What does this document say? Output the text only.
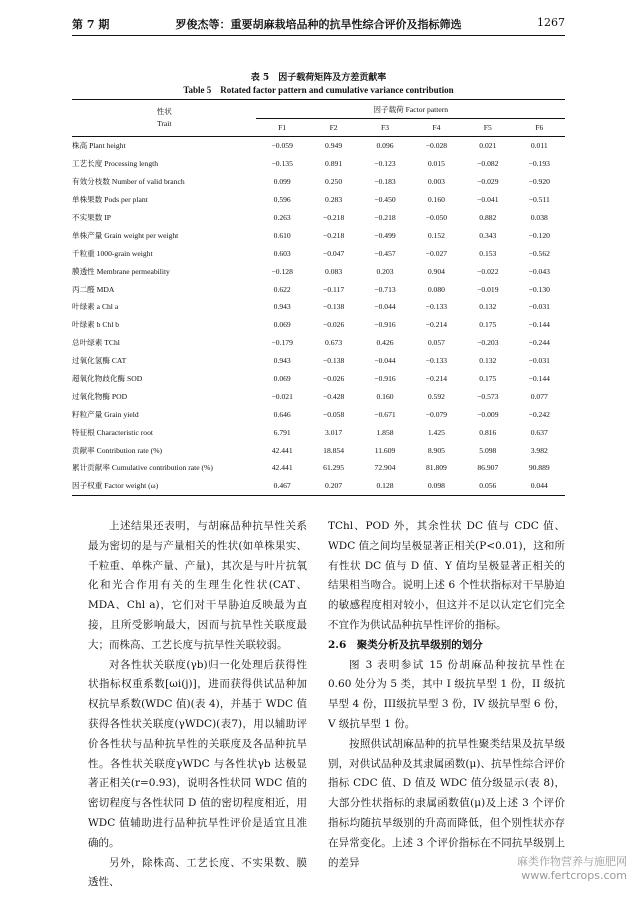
第 7 期	罗俊杰等：重要胡麻栽培品种的抗旱性综合评价及指标筛选	1267
表 5　因子载荷矩阵及方差贡献率
Table 5　Rotated factor pattern and cumulative variance contribution
性状
Trait	因子载荷 Factor pattern					
	F1	F2	F3	F4	F5	F6
株高 Plant height	−0.059	0.949	0.096	−0.028	0.021	0.011
工艺长度 Processing length	−0.135	0.891	−0.123	0.015	−0.082	−0.193
有效分枝数 Number of valid branch	0.099	0.250	−0.183	0.003	−0.029	−0.920
单株果数 Pods per plant	0.596	0.283	−0.450	0.160	−0.041	−0.511
不实果数 IP	0.263	−0.218	−0.218	−0.050	0.882	0.038
单株产量 Grain weight per weight	0.610	−0.218	−0.499	0.152	0.343	−0.120
千粒重 1000-grain weight	0.603	−0.047	−0.457	−0.027	0.153	−0.562
膜透性 Membrane permeability	−0.128	0.083	0.203	0.904	−0.022	−0.043
丙二醛 MDA	0.622	−0.117	−0.713	0.080	−0.019	−0.130
叶绿素 a Chl a	0.943	−0.138	−0.044	−0.133	0.132	−0.031
叶绿素 b Chl b	0.069	−0.026	−0.916	−0.214	0.175	−0.144
总叶绿素 TChl	−0.179	0.673	0.426	0.057	−0.203	−0.244
过氧化氢酶 CAT	0.943	−0.138	−0.044	−0.133	0.132	−0.031
超氧化物歧化酶 SOD	0.069	−0.026	−0.916	−0.214	0.175	−0.144
过氧化物酶 POD	−0.021	−0.428	0.160	0.592	−0.573	0.077
籽粒产量 Grain yield	0.646	−0.058	−0.671	−0.079	−0.009	−0.242
特征根 Characteristic root	6.791	3.017	1.858	1.425	0.816	0.637
贡献率 Contribution rate (%)	42.441	18.854	11.609	8.905	5.098	3.982
累计贡献率 Cumulative contribution rate (%)	42.441	61.295	72.904	81.809	86.907	90.889
因子权重 Factor weight (ω)	0.467	0.207	0.128	0.098	0.056	0.044

上述结果还表明，与胡麻品种抗旱性关系最为密切的是与产量相关的性状(如单株果实、千粒重、单株产量、产量)，其次是与叶片抗氧化和光合作用有关的生理生化性状(CAT、MDA、Chl a)，它们对干旱胁迫反映最为直接，且所受影响最大，因而与抗旱性关联度最大；而株高、工艺长度与抗旱性关联较弱。

对各性状关联度(γb)归一化处理后获得性状指标权重系数[ωi(j)]，进而获得供试品种加权抗旱系数(WDC 值)(表 4)，并基于 WDC 值获得各性状关联度(γWDC)(表7)，用以辅助评价各性状与品种抗旱性的关联度及各品种抗旱性。各性状关联度γWDC 与各性状γb 达极显著正相关(r=0.93)，说明各性状同 WDC 值的密切程度与各性状同 D 值的密切程度相近，用 WDC 值辅助进行品种抗旱性评价是适宜且准确的。

另外，除株高、工艺长度、不实果数、膜透性、

TChl、POD 外，其余性状 DC 值与 CDC 值、WDC 值之间均呈极显著正相关(P<0.01)，这和所有性状 DC 值与 D 值、Y 值均呈极显著正相关的结果相当吻合。说明上述 6 个性状指标对干旱胁迫的敏感程度相对较小，但这并不足以认定它们完全不宜作为供试品种抗旱性评价的指标。

2.6　聚类分析及抗旱级别的划分

图 3 表明参试 15 份胡麻品种按抗旱性在 0.60 处分为 5 类，其中 I 级抗旱型 1 份，II 级抗旱型 4 份，III级抗旱型 3 份，IV 级抗旱型 6 份，V 级抗旱型 1 份。

按照供试胡麻品种的抗旱性聚类结果及抗旱级别，对供试品种及其隶属函数(μ)、抗旱性综合评价指标 CDC 值、D 值及 WDC 值分级显示(表 8)，大部分性状指标的隶属函数值(μ)及上述 3 个评价指标均随抗旱级别的升高而降低，但个别性状亦存在异常变化。上述 3 个评价指标在不同抗旱级别上的差异	麻类作物营养与施肥网
www.fertcrops.com
